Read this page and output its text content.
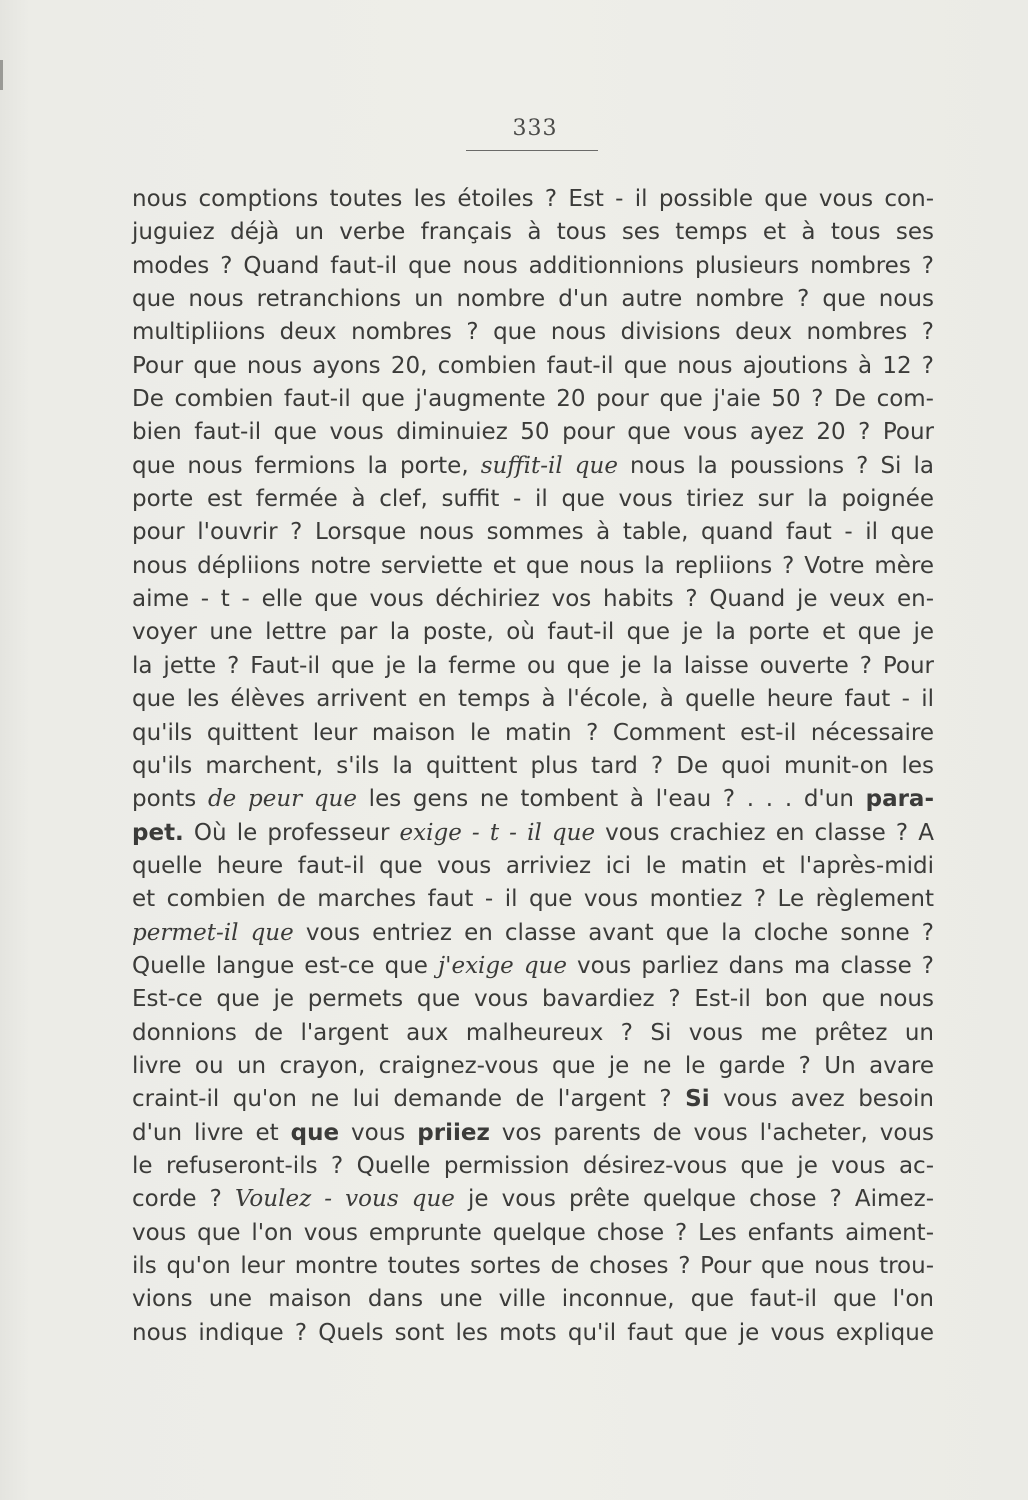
333
nous comptions toutes les étoiles ? Est - il possible que vous con-
juguiez déjà un verbe français à tous ses temps et à tous ses
modes ? Quand faut-il que nous additionnions plusieurs nombres ?
que nous retranchions un nombre d'un autre nombre ? que nous
multipliions deux nombres ? que nous divisions deux nombres ?
Pour que nous ayons 20, combien faut-il que nous ajoutions à 12 ?
De combien faut-il que j'augmente 20 pour que j'aie 50 ? De com-
bien faut-il que vous diminuiez 50 pour que vous ayez 20 ? Pour
que nous fermions la porte, suffit-il que nous la poussions ? Si la
porte est fermée à clef, suffit - il que vous tiriez sur la poignée
pour l'ouvrir ? Lorsque nous sommes à table, quand faut - il que
nous dépliions notre serviette et que nous la repliions ? Votre mère
aime - t - elle que vous déchiriez vos habits ? Quand je veux en-
voyer une lettre par la poste, où faut-il que je la porte et que je
la jette ? Faut-il que je la ferme ou que je la laisse ouverte ? Pour
que les élèves arrivent en temps à l'école, à quelle heure faut - il
qu'ils quittent leur maison le matin ? Comment est-il nécessaire
qu'ils marchent, s'ils la quittent plus tard ? De quoi munit-on les
ponts de peur que les gens ne tombent à l'eau ? . . . d'un para-
pet. Où le professeur exige - t - il que vous crachiez en classe ? A
quelle heure faut-il que vous arriviez ici le matin et l'après-midi
et combien de marches faut - il que vous montiez ? Le règlement
permet-il que vous entriez en classe avant que la cloche sonne ?
Quelle langue est-ce que j'exige que vous parliez dans ma classe ?
Est-ce que je permets que vous bavardiez ? Est-il bon que nous
donnions de l'argent aux malheureux ? Si vous me prêtez un
livre ou un crayon, craignez-vous que je ne le garde ? Un avare
craint-il qu'on ne lui demande de l'argent ? Si vous avez besoin
d'un livre et que vous priiez vos parents de vous l'acheter, vous
le refuseront-ils ? Quelle permission désirez-vous que je vous ac-
corde ? Voulez - vous que je vous prête quelque chose ? Aimez-
vous que l'on vous emprunte quelque chose ? Les enfants aiment-
ils qu'on leur montre toutes sortes de choses ? Pour que nous trou-
vions une maison dans une ville inconnue, que faut-il que l'on
nous indique ? Quels sont les mots qu'il faut que je vous explique
